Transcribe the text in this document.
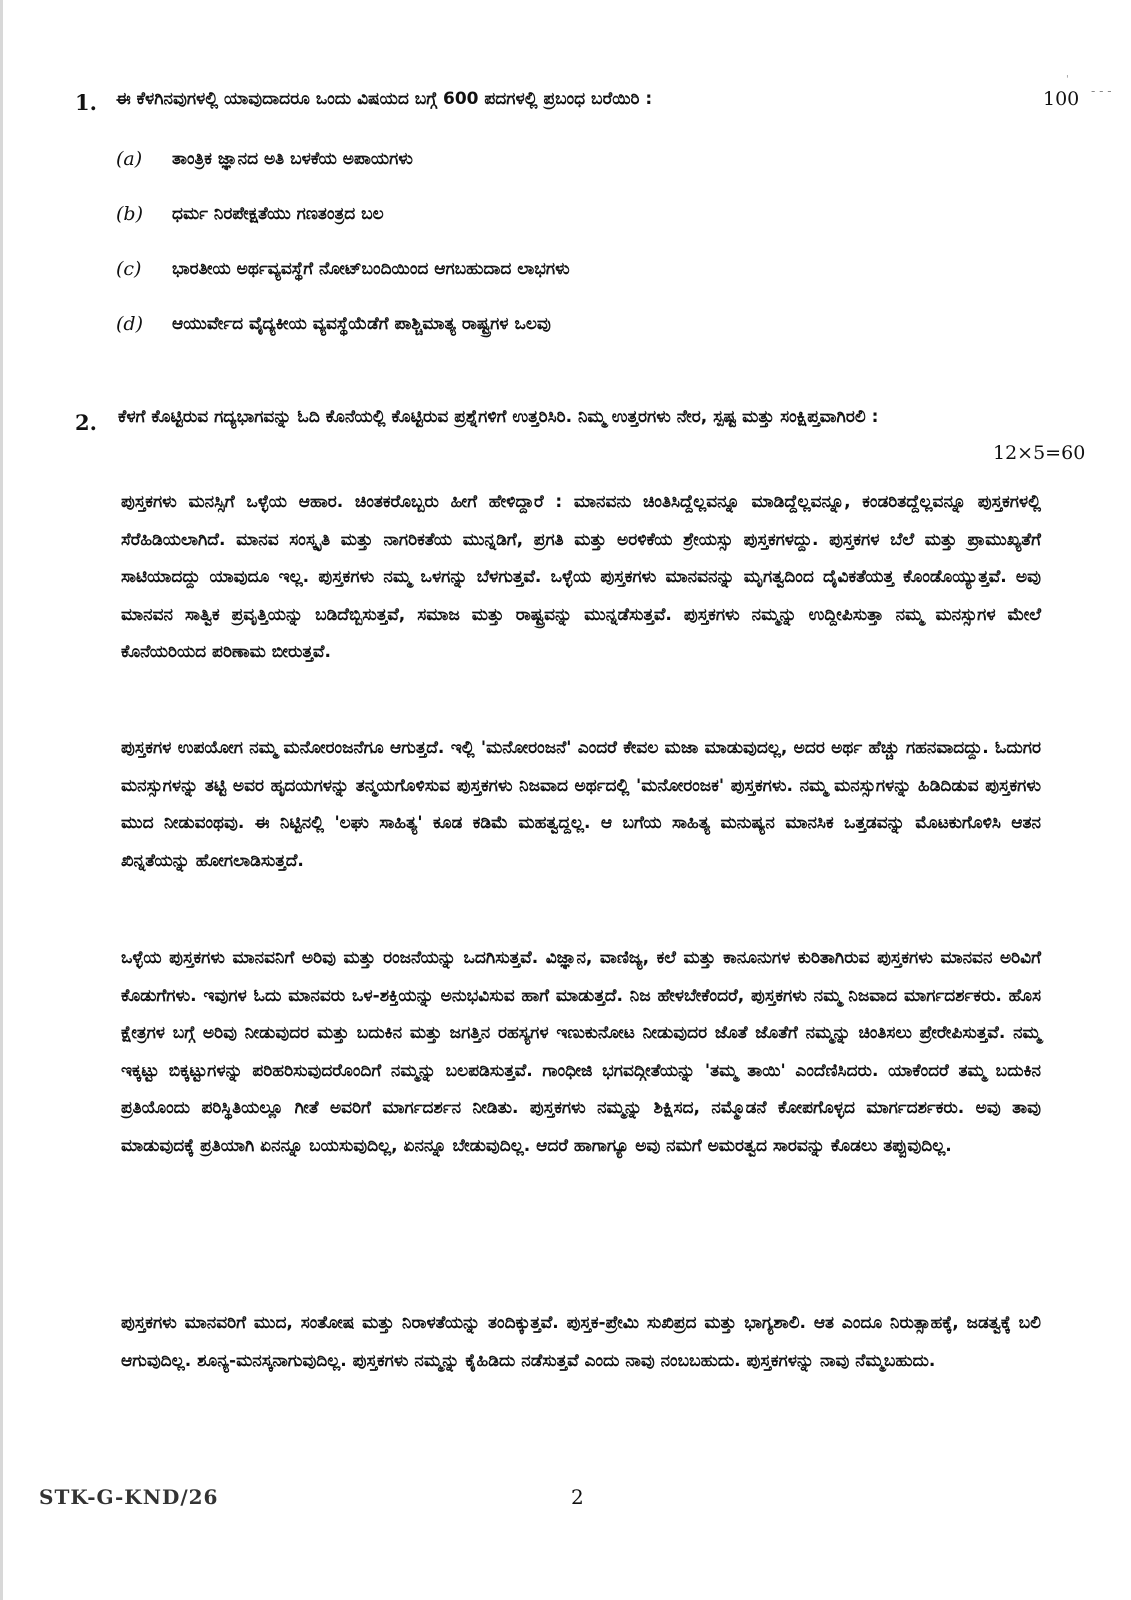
'
- - -
1. ಈ ಕೆಳಗಿನವುಗಳಲ್ಲಿ ಯಾವುದಾದರೂ ಒಂದು ವಿಷಯದ ಬಗ್ಗೆ 600 ಪದಗಳಲ್ಲಿ ಪ್ರಬಂಧ ಬರೆಯಿರಿ :	100
(a)	ತಾಂತ್ರಿಕ ಜ್ಞಾನದ ಅತಿ ಬಳಕೆಯ ಅಪಾಯಗಳು
(b)	ಧರ್ಮ ನಿರಪೇಕ್ಷತೆಯು ಗಣತಂತ್ರದ ಬಲ
(c)	ಭಾರತೀಯ ಅರ್ಥವ್ಯವಸ್ಥೆಗೆ ನೋಟ್‌ಬಂದಿಯಿಂದ ಆಗಬಹುದಾದ ಲಾಭಗಳು
(d)	ಆಯುರ್ವೇದ ವೈದ್ಯಕೀಯ ವ್ಯವಸ್ಥೆಯೆಡೆಗೆ ಪಾಶ್ಚಿಮಾತ್ಯ ರಾಷ್ಟ್ರಗಳ ಒಲವು
2. ಕೆಳಗೆ ಕೊಟ್ಟಿರುವ ಗದ್ಯಭಾಗವನ್ನು ಓದಿ ಕೊನೆಯಲ್ಲಿ ಕೊಟ್ಟಿರುವ ಪ್ರಶ್ನೆಗಳಿಗೆ ಉತ್ತರಿಸಿರಿ. ನಿಮ್ಮ ಉತ್ತರಗಳು ನೇರ, ಸ್ಪಷ್ಟ ಮತ್ತು ಸಂಕ್ಷಿಪ್ತವಾಗಿರಲಿ :
12×5=60
ಪುಸ್ತಕಗಳು ಮನಸ್ಸಿಗೆ ಒಳ್ಳೆಯ ಆಹಾರ. ಚಿಂತಕರೊಬ್ಬರು ಹೀಗೆ ಹೇಳಿದ್ದಾರೆ : ಮಾನವನು ಚಿಂತಿಸಿದ್ದೆಲ್ಲವನ್ನೂ ಮಾಡಿದ್ದೆಲ್ಲವನ್ನೂ, ಕಂಡರಿತದ್ದೆಲ್ಲವನ್ನೂ ಪುಸ್ತಕಗಳಲ್ಲಿ ಸೆರೆಹಿಡಿಯಲಾಗಿದೆ. ಮಾನವ ಸಂಸ್ಕೃತಿ ಮತ್ತು ನಾಗರಿಕತೆಯ ಮುನ್ನಡಿಗೆ, ಪ್ರಗತಿ ಮತ್ತು ಅರಳಿಕೆಯ ಶ್ರೇಯಸ್ಸು ಪುಸ್ತಕಗಳದ್ದು. ಪುಸ್ತಕಗಳ ಬೆಲೆ ಮತ್ತು ಪ್ರಾಮುಖ್ಯತೆಗೆ ಸಾಟಿಯಾದದ್ದು ಯಾವುದೂ ಇಲ್ಲ. ಪುಸ್ತಕಗಳು ನಮ್ಮ ಒಳಗನ್ನು ಬೆಳಗುತ್ತವೆ. ಒಳ್ಳೆಯ ಪುಸ್ತಕಗಳು ಮಾನವನನ್ನು ಮೃಗತ್ವದಿಂದ ದೈವಿಕತೆಯತ್ತ ಕೊಂಡೊಯ್ಯುತ್ತವೆ. ಅವು ಮಾನವನ ಸಾತ್ವಿಕ ಪ್ರವೃತ್ತಿಯನ್ನು ಬಡಿದೆಬ್ಬಿಸುತ್ತವೆ, ಸಮಾಜ ಮತ್ತು ರಾಷ್ಟ್ರವನ್ನು ಮುನ್ನಡೆಸುತ್ತವೆ. ಪುಸ್ತಕಗಳು ನಮ್ಮನ್ನು ಉದ್ದೀಪಿಸುತ್ತಾ ನಮ್ಮ ಮನಸ್ಸುಗಳ ಮೇಲೆ ಕೊನೆಯರಿಯದ ಪರಿಣಾಮ ಬೀರುತ್ತವೆ.
ಪುಸ್ತಕಗಳ ಉಪಯೋಗ ನಮ್ಮ ಮನೋರಂಜನೆಗೂ ಆಗುತ್ತದೆ. ಇಲ್ಲಿ 'ಮನೋರಂಜನೆ' ಎಂದರೆ ಕೇವಲ ಮಜಾ ಮಾಡುವುದಲ್ಲ, ಅದರ ಅರ್ಥ ಹೆಚ್ಚು ಗಹನವಾದದ್ದು. ಓದುಗರ ಮನಸ್ಸುಗಳನ್ನು ತಟ್ಟಿ ಅವರ ಹೃದಯಗಳನ್ನು ತನ್ಮಯಗೊಳಿಸುವ ಪುಸ್ತಕಗಳು ನಿಜವಾದ ಅರ್ಥದಲ್ಲಿ 'ಮನೋರಂಜಕ' ಪುಸ್ತಕಗಳು. ನಮ್ಮ ಮನಸ್ಸುಗಳನ್ನು ಹಿಡಿದಿಡುವ ಪುಸ್ತಕಗಳು ಮುದ ನೀಡುವಂಥವು. ಈ ನಿಟ್ಟಿನಲ್ಲಿ 'ಲಘು ಸಾಹಿತ್ಯ' ಕೂಡ ಕಡಿಮೆ ಮಹತ್ವದ್ದಲ್ಲ. ಆ ಬಗೆಯ ಸಾಹಿತ್ಯ ಮನುಷ್ಯನ ಮಾನಸಿಕ ಒತ್ತಡವನ್ನು ಮೊಟಕುಗೊಳಿಸಿ ಆತನ ಖಿನ್ನತೆಯನ್ನು ಹೋಗಲಾಡಿಸುತ್ತದೆ.
ಒಳ್ಳೆಯ ಪುಸ್ತಕಗಳು ಮಾನವನಿಗೆ ಅರಿವು ಮತ್ತು ರಂಜನೆಯನ್ನು ಒದಗಿಸುತ್ತವೆ. ವಿಜ್ಞಾನ, ವಾಣಿಜ್ಯ, ಕಲೆ ಮತ್ತು ಕಾನೂನುಗಳ ಕುರಿತಾಗಿರುವ ಪುಸ್ತಕಗಳು ಮಾನವನ ಅರಿವಿಗೆ ಕೊಡುಗೆಗಳು. ಇವುಗಳ ಓದು ಮಾನವರು ಒಳ-ಶಕ್ತಿಯನ್ನು ಅನುಭವಿಸುವ ಹಾಗೆ ಮಾಡುತ್ತದೆ. ನಿಜ ಹೇಳಬೇಕೆಂದರೆ, ಪುಸ್ತಕಗಳು ನಮ್ಮ ನಿಜವಾದ ಮಾರ್ಗದರ್ಶಕರು. ಹೊಸ ಕ್ಷೇತ್ರಗಳ ಬಗ್ಗೆ ಅರಿವು ನೀಡುವುದರ ಮತ್ತು ಬದುಕಿನ ಮತ್ತು ಜಗತ್ತಿನ ರಹಸ್ಯಗಳ ಇಣುಕುನೋಟ ನೀಡುವುದರ ಜೊತೆ ಜೊತೆಗೆ ನಮ್ಮನ್ನು ಚಿಂತಿಸಲು ಪ್ರೇರೇಪಿಸುತ್ತವೆ. ನಮ್ಮ ಇಕ್ಕಟ್ಟು ಬಿಕ್ಕಟ್ಟುಗಳನ್ನು ಪರಿಹರಿಸುವುದರೊಂದಿಗೆ ನಮ್ಮನ್ನು ಬಲಪಡಿಸುತ್ತವೆ. ಗಾಂಧೀಜಿ ಭಗವದ್ಗೀತೆಯನ್ನು 'ತಮ್ಮ ತಾಯಿ' ಎಂದೆಣಿಸಿದರು. ಯಾಕೆಂದರೆ ತಮ್ಮ ಬದುಕಿನ ಪ್ರತಿಯೊಂದು ಪರಿಸ್ಥಿತಿಯಲ್ಲೂ ಗೀತೆ ಅವರಿಗೆ ಮಾರ್ಗದರ್ಶನ ನೀಡಿತು. ಪುಸ್ತಕಗಳು ನಮ್ಮನ್ನು ಶಿಕ್ಷಿಸದ, ನಮ್ಮೊಡನೆ ಕೋಪಗೊಳ್ಳದ ಮಾರ್ಗದರ್ಶಕರು. ಅವು ತಾವು ಮಾಡುವುದಕ್ಕೆ ಪ್ರತಿಯಾಗಿ ಏನನ್ನೂ ಬಯಸುವುದಿಲ್ಲ, ಏನನ್ನೂ ಬೇಡುವುದಿಲ್ಲ. ಆದರೆ ಹಾಗಾಗ್ಯೂ ಅವು ನಮಗೆ ಅಮರತ್ವದ ಸಾರವನ್ನು ಕೊಡಲು ತಪ್ಪುವುದಿಲ್ಲ.
ಪುಸ್ತಕಗಳು ಮಾನವರಿಗೆ ಮುದ, ಸಂತೋಷ ಮತ್ತು ನಿರಾಳತೆಯನ್ನು ತಂದಿಕ್ಕುತ್ತವೆ. ಪುಸ್ತಕ-ಪ್ರೇಮಿ ಸುಖಿಪ್ರದ ಮತ್ತು ಭಾಗ್ಯಶಾಲಿ. ಆತ ಎಂದೂ ನಿರುತ್ಸಾಹಕ್ಕೆ, ಜಡತ್ವಕ್ಕೆ ಬಲಿ ಆಗುವುದಿಲ್ಲ. ಶೂನ್ಯ-ಮನಸ್ಕನಾಗುವುದಿಲ್ಲ. ಪುಸ್ತಕಗಳು ನಮ್ಮನ್ನು ಕೈಹಿಡಿದು ನಡೆಸುತ್ತವೆ ಎಂದು ನಾವು ನಂಬಬಹುದು. ಪುಸ್ತಕಗಳನ್ನು ನಾವು ನೆಮ್ಮಬಹುದು.
STK-G-KND/26	2
